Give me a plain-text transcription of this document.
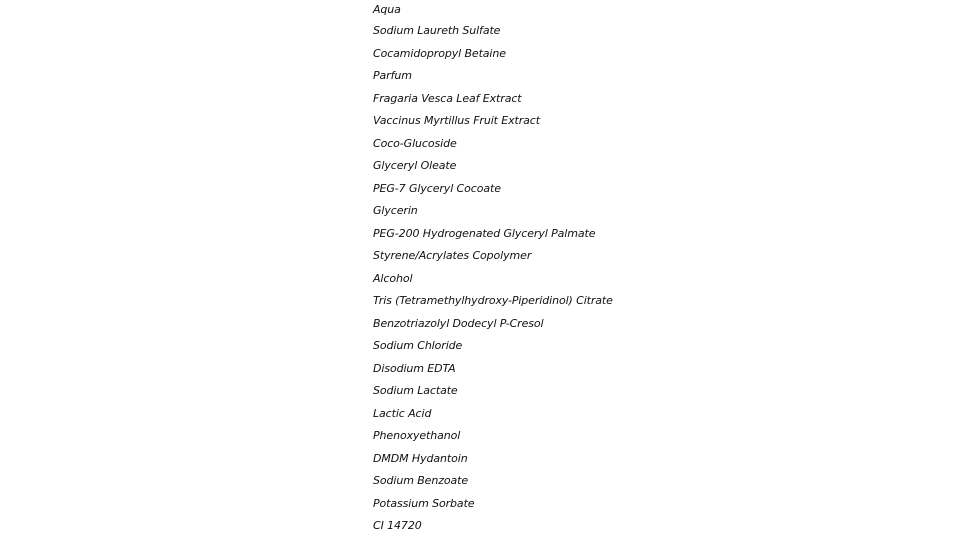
Aqua
Sodium Laureth Sulfate
Cocamidopropyl Betaine
Parfum
Fragaria Vesca Leaf Extract
Vaccinus Myrtillus Fruit Extract
Coco-Glucoside
Glyceryl Oleate
PEG-7 Glyceryl Cocoate
Glycerin
PEG-200 Hydrogenated Glyceryl Palmate
Styrene/Acrylates Copolymer
Alcohol
Tris (Tetramethylhydroxy-Piperidinol) Citrate
Benzotriazolyl Dodecyl P-Cresol
Sodium Chloride
Disodium EDTA
Sodium Lactate
Lactic Acid
Phenoxyethanol
DMDM Hydantoin
Sodium Benzoate
Potassium Sorbate
CI 14720
